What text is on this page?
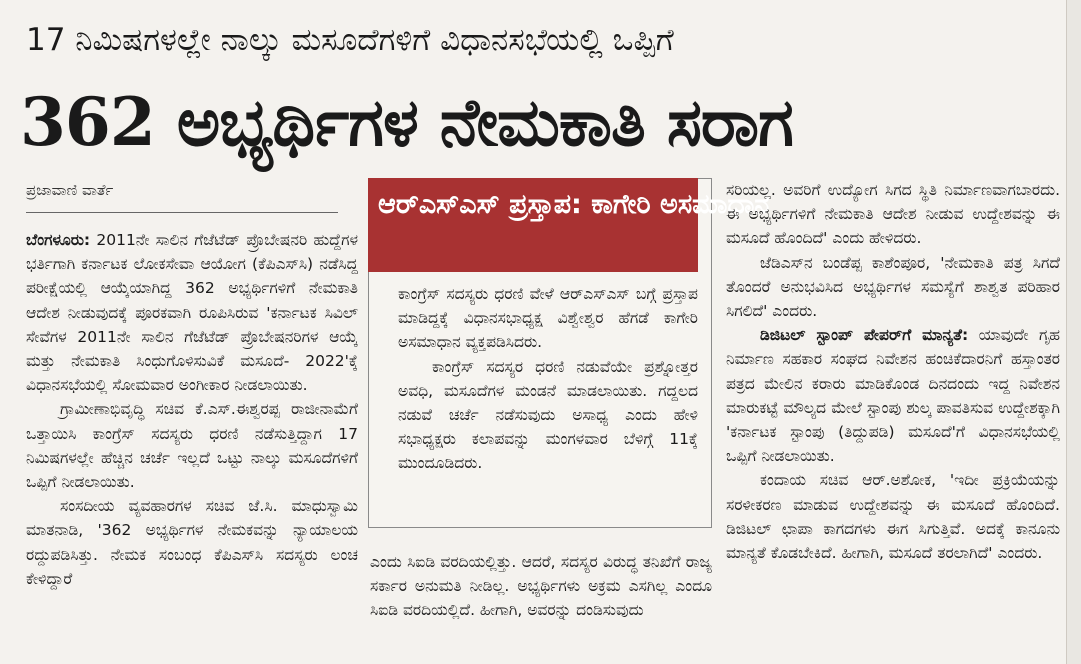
17 ನಿಮಿಷಗಳಲ್ಲೇ ನಾಲ್ಕು ಮಸೂದೆಗಳಿಗೆ ವಿಧಾನಸಭೆಯಲ್ಲಿ ಒಪ್ಪಿಗೆ
362 ಅಭ್ಯರ್ಥಿಗಳ ನೇಮಕಾತಿ ಸರಾಗ
ಪ್ರಜಾವಾಣಿ ವಾರ್ತೆ

ಬೆಂಗಳೂರು: 2011ನೇ ಸಾಲಿನ ಗೆಜೆಟೆಡ್ ಪ್ರೊಬೇಷನರಿ ಹುದ್ದೆಗಳ ಭರ್ತಿಗಾಗಿ ಕರ್ನಾಟಕ ಲೋಕಸೇವಾ ಆಯೋಗ (ಕೆಪಿಎಸ್‌ಸಿ) ನಡೆಸಿದ್ದ ಪರೀಕ್ಷೆಯಲ್ಲಿ ಆಯ್ಕೆಯಾಗಿದ್ದ 362 ಅಭ್ಯರ್ಥಿಗಳಿಗೆ ನೇಮಕಾತಿ ಆದೇಶ ನೀಡುವುದಕ್ಕೆ ಪೂರಕವಾಗಿ ರೂಪಿಸಿರುವ 'ಕರ್ನಾಟಕ ಸಿವಿಲ್ ಸೇವೆಗಳ 2011ನೇ ಸಾಲಿನ ಗೆಜೆಟೆಡ್ ಪ್ರೊಬೇಷನರಿಗಳ ಆಯ್ಕೆ ಮತ್ತು ನೇಮಕಾತಿ ಸಿಂಧುಗೊಳಿಸುವಿಕೆ ಮಸೂದೆ- 2022'ಕ್ಕೆ ವಿಧಾನಸಭೆಯಲ್ಲಿ ಸೋಮವಾರ ಅಂಗೀಕಾರ ನೀಡಲಾಯಿತು.

ಗ್ರಾಮೀಣಾಭಿವೃದ್ಧಿ ಸಚಿವ ಕೆ.ಎಸ್.ಈಶ್ವರಪ್ಪ ರಾಜೀನಾಮೆಗೆ ಒತ್ತಾಯಿಸಿ ಕಾಂಗ್ರೆಸ್ ಸದಸ್ಯರು ಧರಣಿ ನಡೆಸುತ್ತಿದ್ದಾಗ 17 ನಿಮಿಷಗಳಲ್ಲೇ ಹೆಚ್ಚಿನ ಚರ್ಚೆ ಇಲ್ಲದೆ ಒಟ್ಟು ನಾಲ್ಕು ಮಸೂದೆಗಳಿಗೆ ಒಪ್ಪಿಗೆ ನೀಡಲಾಯಿತು.

ಸಂಸದೀಯ ವ್ಯವಹಾರಗಳ ಸಚಿವ ಜೆ.ಸಿ. ಮಾಧುಸ್ವಾಮಿ ಮಾತನಾಡಿ, '362 ಅಭ್ಯರ್ಥಿಗಳ ನೇಮಕವನ್ನು ನ್ಯಾಯಾಲಯ ರದ್ದುಪಡಿಸಿತ್ತು. ನೇಮಕ ಸಂಬಂಧ ಕೆಪಿಎಸ್‌ಸಿ ಸದಸ್ಯರು ಲಂಚ ಕೇಳಿದ್ದಾರೆ

ಆರ್‌ಎಸ್‌ಎಸ್ ಪ್ರಸ್ತಾಪ: ಕಾಗೇರಿ ಅಸಮಾಧಾನ

ಕಾಂಗ್ರೆಸ್ ಸದಸ್ಯರು ಧರಣಿ ವೇಳೆ ಆರ್‌ಎಸ್‌ಎಸ್ ಬಗ್ಗೆ ಪ್ರಸ್ತಾಪ ಮಾಡಿದ್ದಕ್ಕೆ ವಿಧಾನಸಭಾಧ್ಯಕ್ಷ ವಿಶ್ವೇಶ್ವರ ಹೆಗಡೆ ಕಾಗೇರಿ ಅಸಮಾಧಾನ ವ್ಯಕ್ತಪಡಿಸಿದರು.

ಕಾಂಗ್ರೆಸ್ ಸದಸ್ಯರ ಧರಣಿ ನಡುವೆಯೇ ಪ್ರಶ್ನೋತ್ತರ ಅವಧಿ, ಮಸೂದೆಗಳ ಮಂಡನೆ ಮಾಡಲಾಯಿತು. ಗದ್ದಲದ ನಡುವೆ ಚರ್ಚೆ ನಡೆಸುವುದು ಅಸಾಧ್ಯ ಎಂದು ಹೇಳಿ ಸಭಾಧ್ಯಕ್ಷರು ಕಲಾಪವನ್ನು ಮಂಗಳವಾರ ಬೆಳಿಗ್ಗೆ 11ಕ್ಕೆ ಮುಂದೂಡಿದರು.

ಎಂದು ಸಿಐಡಿ ವರದಿಯಲ್ಲಿತ್ತು. ಆದರೆ, ಸದಸ್ಯರ ವಿರುದ್ಧ ತನಿಖೆಗೆ ರಾಜ್ಯ ಸರ್ಕಾರ ಅನುಮತಿ ನೀಡಿಲ್ಲ. ಅಭ್ಯರ್ಥಿಗಳು ಅಕ್ರಮ ಎಸಗಿಲ್ಲ ಎಂದೂ ಸಿಐಡಿ ವರದಿಯಲ್ಲಿದೆ. ಹೀಗಾಗಿ, ಅವರನ್ನು ದಂಡಿಸುವುದು

ಸರಿಯಲ್ಲ. ಅವರಿಗೆ ಉದ್ಯೋಗ ಸಿಗದ ಸ್ಥಿತಿ ನಿರ್ಮಾಣವಾಗಬಾರದು. ಈ ಅಭ್ಯರ್ಥಿಗಳಿಗೆ ನೇಮಕಾತಿ ಆದೇಶ ನೀಡುವ ಉದ್ದೇಶವನ್ನು ಈ ಮಸೂದೆ ಹೊಂದಿದೆ' ಎಂದು ಹೇಳಿದರು.

ಜೆಡಿಎಸ್‌ನ ಬಂಡೆಪ್ಪ ಕಾಶೆಂಪೂರ, 'ನೇಮಕಾತಿ ಪತ್ರ ಸಿಗದೆ ತೊಂದರೆ ಅನುಭವಿಸಿದ ಅಭ್ಯರ್ಥಿಗಳ ಸಮಸ್ಯೆಗೆ ಶಾಶ್ವತ ಪರಿಹಾರ ಸಿಗಲಿದೆ' ಎಂದರು.

ಡಿಜಿಟಲ್ ಸ್ಟಾಂಪ್ ಪೇಪರ್‌ಗೆ ಮಾನ್ಯತೆ: ಯಾವುದೇ ಗೃಹ ನಿರ್ಮಾಣ ಸಹಕಾರ ಸಂಘದ ನಿವೇಶನ ಹಂಚಿಕೆದಾರನಿಗೆ ಹಸ್ತಾಂತರ ಪತ್ರದ ಮೇಲಿನ ಕರಾರು ಮಾಡಿಕೊಂಡ ದಿನದಂದು ಇದ್ದ ನಿವೇಶನ ಮಾರುಕಟ್ಟೆ ಮೌಲ್ಯದ ಮೇಲೆ ಸ್ಟಾಂಪು ಶುಲ್ಕ ಪಾವತಿಸುವ ಉದ್ದೇಶಕ್ಕಾಗಿ 'ಕರ್ನಾಟಕ ಸ್ಟಾಂಪು (ತಿದ್ದುಪಡಿ) ಮಸೂದೆ'ಗೆ ವಿಧಾನಸಭೆಯಲ್ಲಿ ಒಪ್ಪಿಗೆ ನೀಡಲಾಯಿತು.

ಕಂದಾಯ ಸಚಿವ ಆರ್.ಅಶೋಕ, 'ಇದೀ ಪ್ರಕ್ರಿಯೆಯನ್ನು ಸರಳೀಕರಣ ಮಾಡುವ ಉದ್ದೇಶವನ್ನು ಈ ಮಸೂದೆ ಹೊಂದಿದೆ. ಡಿಜಿಟಲ್ ಛಾಪಾ ಕಾಗದಗಳು ಈಗ ಸಿಗುತ್ತಿವೆ. ಅದಕ್ಕೆ ಕಾನೂನು ಮಾನ್ಯತೆ ಕೊಡಬೇಕಿದೆ. ಹೀಗಾಗಿ, ಮಸೂದೆ ತರಲಾಗಿದೆ' ಎಂದರು.
